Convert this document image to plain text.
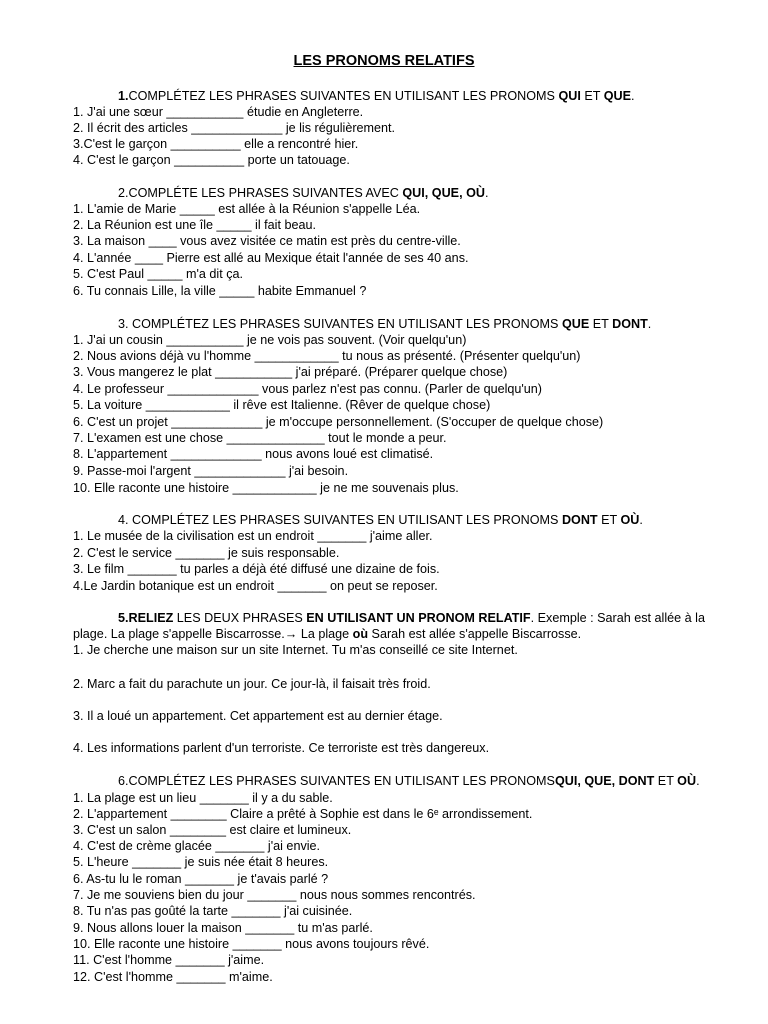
LES PRONOMS RELATIFS
1.COMPLÉTEZ LES PHRASES SUIVANTES EN UTILISANT LES PRONOMS QUI ET QUE.
1. J'ai une sœur ___________ étudie en Angleterre.
2. Il écrit des articles _____________ je lis régulièrement.
3.C'est le garçon __________ elle a rencontré hier.
4. C'est le garçon __________ porte un tatouage.
2.COMPLÉTE LES PHRASES SUIVANTES AVEC QUI, QUE, OÙ.
1. L'amie de Marie _____ est allée à la Réunion s'appelle Léa.
2. La Réunion est une île _____ il fait beau.
3. La maison ____ vous avez visitée ce matin est près du centre-ville.
4. L'année ____ Pierre est allé au Mexique était l'année de ses 40 ans.
5. C'est Paul _____ m'a dit ça.
6. Tu connais Lille, la ville _____ habite Emmanuel ?
3. COMPLÉTEZ LES PHRASES SUIVANTES EN UTILISANT LES PRONOMS QUE ET DONT.
1. J'ai un cousin ___________ je ne vois pas souvent. (Voir quelqu'un)
2. Nous avions déjà vu l'homme ____________ tu nous as présenté. (Présenter quelqu'un)
3. Vous mangerez le plat ___________ j'ai préparé. (Préparer quelque chose)
4. Le professeur _____________ vous parlez n'est pas connu. (Parler de quelqu'un)
5. La voiture ____________ il rêve est Italienne. (Rêver de quelque chose)
6. C'est un projet _____________ je m'occupe personnellement. (S'occuper de quelque chose)
7. L'examen est une chose ______________ tout le monde a peur.
8. L'appartement _____________ nous avons loué est climatisé.
9. Passe-moi l'argent _____________ j'ai besoin.
10. Elle raconte une histoire ____________ je ne me souvenais plus.
4. COMPLÉTEZ LES PHRASES SUIVANTES EN UTILISANT LES PRONOMS DONT ET OÙ.
1. Le musée de la civilisation est un endroit _______ j'aime aller.
2. C'est le service _______ je suis responsable.
3. Le film _______ tu parles a déjà été diffusé une dizaine de fois.
4.Le Jardin botanique est un endroit _______ on peut se reposer.
5.RELIEZ LES DEUX PHRASES EN UTILISANT UN PRONOM RELATIF. Exemple : Sarah est allée à la
plage. La plage s'appelle Biscarrosse.→ La plage où Sarah est allée s'appelle Biscarrosse.
1. Je cherche une maison sur un site Internet. Tu m'as conseillé ce site Internet.
2. Marc a fait du parachute un jour. Ce jour-là, il faisait très froid.
3. Il a loué un appartement. Cet appartement est au dernier étage.
4. Les informations parlent d'un terroriste. Ce terroriste est très dangereux.
6.COMPLÉTEZ LES PHRASES SUIVANTES EN UTILISANT LES PRONOMSQUI, QUE, DONT ET OÙ.
1. La plage est un lieu _______ il y a du sable.
2. L'appartement ________ Claire a prêté à Sophie est dans le 6ᵉ arrondissement.
3. C'est un salon ________ est claire et lumineux.
4. C'est de crème glacée _______ j'ai envie.
5. L'heure _______ je suis née était 8 heures.
6. As-tu lu le roman _______ je t'avais parlé ?
7. Je me souviens bien du jour _______ nous nous sommes rencontrés.
8. Tu n'as pas goûté la tarte _______ j'ai cuisinée.
9. Nous allons louer la maison _______ tu m'as parlé.
10. Elle raconte une histoire _______ nous avons toujours rêvé.
11. C'est l'homme _______ j'aime.
12. C'est l'homme _______ m'aime.
